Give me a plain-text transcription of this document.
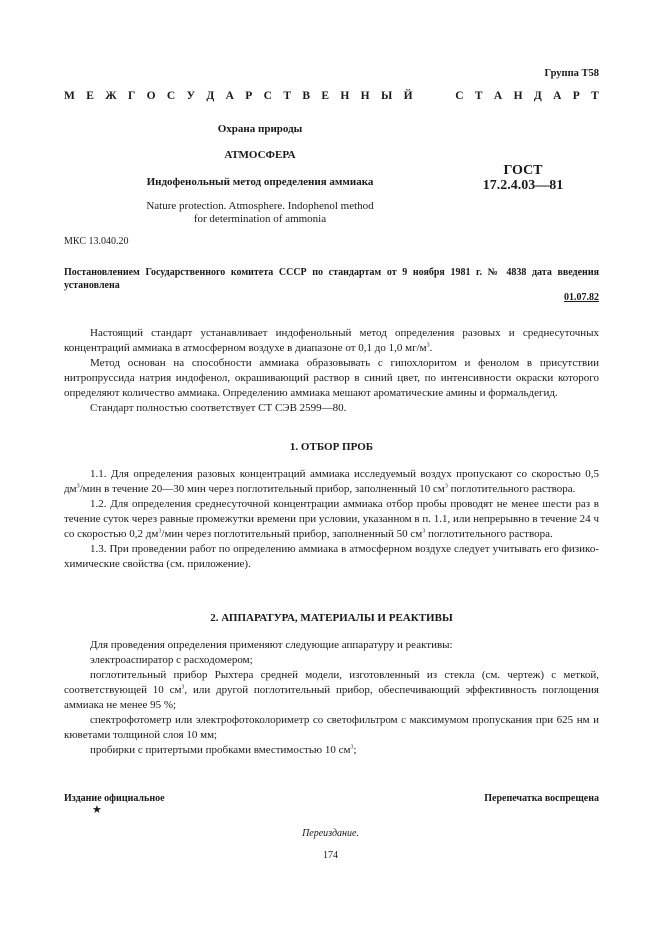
Группа Т58
М Е Ж Г О С У Д А Р С Т В Е Н Н Ы Й	С Т А Н Д А Р Т
Охрана природы
АТМОСФЕРА
Индофенольный метод определения аммиака
Nature protection. Atmosphere. Indophenol method
for determination of ammonia
ГОСТ
17.2.4.03—81
МКС 13.040.20
Постановлением Государственного комитета СССР по стандартам от 9 ноября 1981 г. № 4838 дата введения установлена
01.07.82

Настоящий стандарт устанавливает индофенольный метод определения разовых и среднесуточных концентраций аммиака в атмосферном воздухе в диапазоне от 0,1 до 1,0 $мг/м^3$.

Метод основан на способности аммиака образовывать с гипохлоритом и фенолом в присутствии нитропруссида натрия индофенол, окрашивающий раствор в синий цвет, по интенсивности окраски которого определяют количество аммиака. Определению аммиака мешают ароматические амины и формальдегид.

Стандарт полностью соответствует СТ СЭВ 2599—80.

1. ОТБОР ПРОБ

1.1. Для определения разовых концентраций аммиака исследуемый воздух пропускают со скоростью 0,5 $дм^3$/мин в течение 20—30 мин через поглотительный прибор, заполненный 10 $см^3$ поглотительного раствора.

1.2. Для определения среднесуточной концентрации аммиака отбор пробы проводят не менее шести раз в течение суток через равные промежутки времени при условии, указанном в п. 1.1, или непрерывно в течение 24 ч со скоростью 0,2 $дм^3$/мин через поглотительный прибор, заполненный 50 $см^3$ поглотительного раствора.

1.3. При проведении работ по определению аммиака в атмосферном воздухе следует учитывать его физико-химические свойства (см. приложение).

2. АППАРАТУРА, МАТЕРИАЛЫ И РЕАКТИВЫ

Для проведения определения применяют следующие аппаратуру и реактивы:

электроаспиратор с расходомером;

поглотительный прибор Рыхтера средней модели, изготовленный из стекла (см. чертеж) с меткой, соответствующей 10 $см^3$, или другой поглотительный прибор, обеспечивающий эффективность поглощения аммиака не менее 95 %;

спектрофотометр или электрофотоколориметр со светофильтром с максимумом пропускания при 625 нм и кюветами толщиной слоя 10 мм;

пробирки с притертыми пробками вместимостью 10 $см^3$;

Издание официальное	Перепечатка воспрещена
★
Переиздание.
174
